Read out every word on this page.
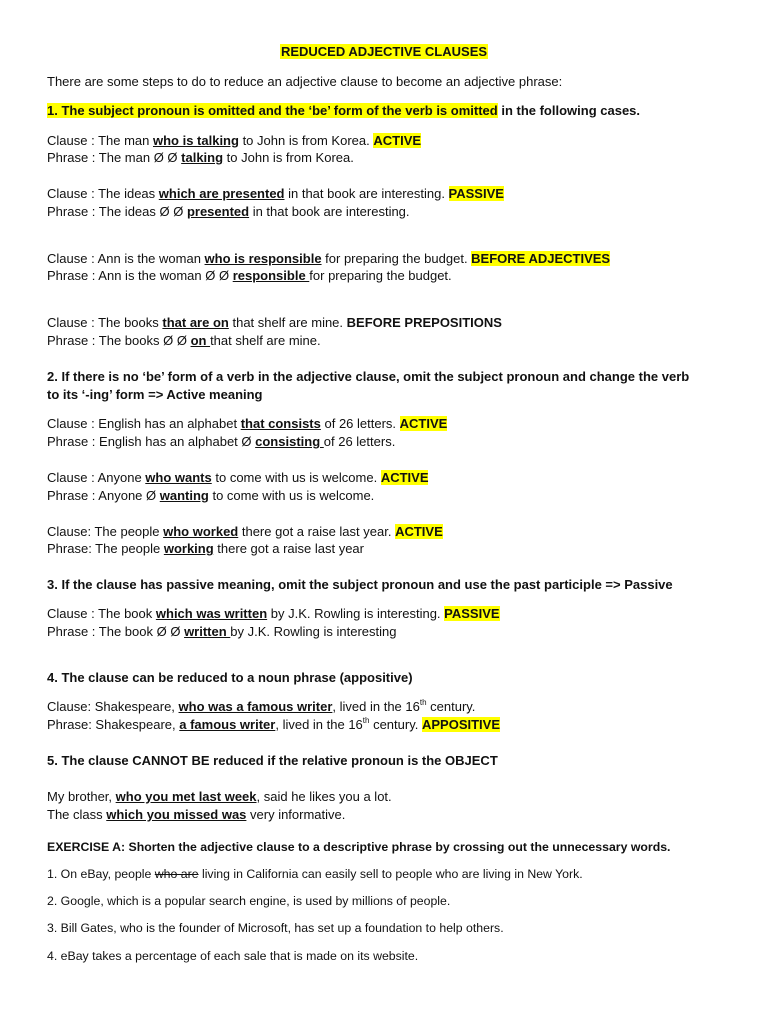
REDUCED ADJECTIVE CLAUSES
There are some steps to do to reduce an adjective clause to become an adjective phrase:
1. The subject pronoun is omitted and the ‘be’ form of the verb is omitted in the following cases.
Clause : The man who is talking to John is from Korea. ACTIVE
Phrase : The man Ø Ø talking to John is from Korea.
Clause : The ideas which are presented in that book are interesting. PASSIVE
Phrase : The ideas Ø Ø presented in that book are interesting.
Clause : Ann is the woman who is responsible for preparing the budget. BEFORE ADJECTIVES
Phrase : Ann is the woman Ø Ø responsible for preparing the budget.
Clause : The books that are on that shelf are mine. BEFORE PREPOSITIONS
Phrase : The books Ø Ø on that shelf are mine.
2. If there is no ‘be’ form of a verb in the adjective clause, omit the subject pronoun and change the verb
to its ‘-ing’ form => Active meaning
Clause : English has an alphabet that consists of 26 letters. ACTIVE
Phrase : English has an alphabet Ø consisting of 26 letters.
Clause : Anyone who wants to come with us is welcome. ACTIVE
Phrase : Anyone Ø wanting to come with us is welcome.
Clause: The people who worked there got a raise last year. ACTIVE
Phrase: The people working there got a raise last year
3. If the clause has passive meaning, omit the subject pronoun and use the past participle => Passive
Clause : The book which was written by J.K. Rowling is interesting. PASSIVE
Phrase : The book Ø Ø written by J.K. Rowling is interesting
4. The clause can be reduced to a noun phrase (appositive)
Clause: Shakespeare, who was a famous writer, lived in the 16th century.
Phrase: Shakespeare, a famous writer, lived in the 16th century. APPOSITIVE
5. The clause CANNOT BE reduced if the relative pronoun is the OBJECT
My brother, who you met last week, said he likes you a lot.
The class which you missed was very informative.
EXERCISE A: Shorten the adjective clause to a descriptive phrase by crossing out the unnecessary words.
1. On eBay, people who are living in California can easily sell to people who are living in New York.
2. Google, which is a popular search engine, is used by millions of people.
3. Bill Gates, who is the founder of Microsoft, has set up a foundation to help others.
4. eBay takes a percentage of each sale that is made on its website.
